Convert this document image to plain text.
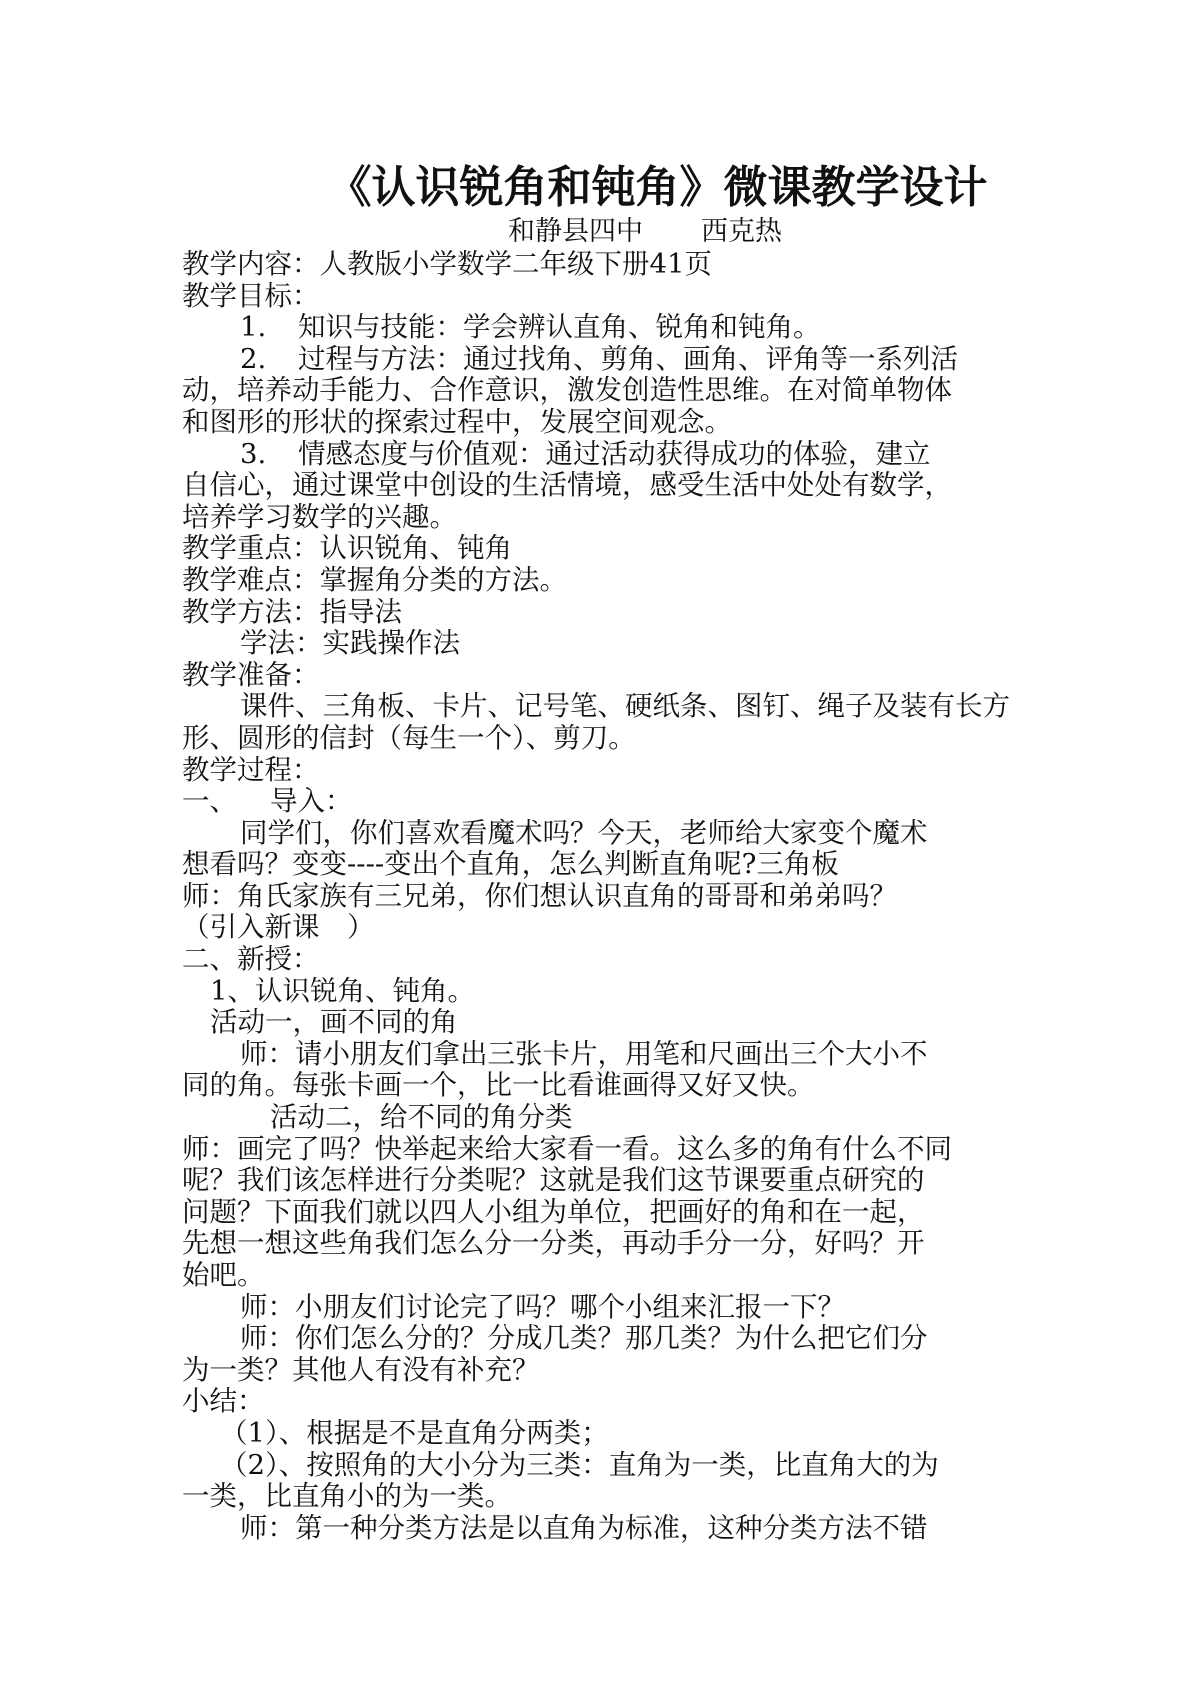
《认识锐角和钝角》微课教学设计
和静县四中 西克热

教学内容：人教版小学数学二年级下册41页

教学目标：

1. 知识与技能：学会辨认直角、锐角和钝角。

2. 过程与方法：通过找角、剪角、画角、评角等一系列活

动，培养动手能力、合作意识，激发创造性思维。在对简单物体

和图形的形状的探索过程中，发展空间观念。

3. 情感态度与价值观：通过活动获得成功的体验，建立

自信心，通过课堂中创设的生活情境，感受生活中处处有数学，

培养学习数学的兴趣。

教学重点：认识锐角、钝角

教学难点：掌握角分类的方法。

教学方法：指导法

学法：实践操作法

教学准备：

课件、三角板、卡片、记号笔、硬纸条、图钉、绳子及装有长方

形、圆形的信封（每生一个）、剪刀。

教学过程：

一、 导入：

同学们，你们喜欢看魔术吗？今天，老师给大家变个魔术

想看吗？变变----变出个直角，怎么判断直角呢?三角板

师：角氏家族有三兄弟，你们想认识直角的哥哥和弟弟吗？

（引入新课　）

二、新授：

1、认识锐角、钝角。

活动一，画不同的角

师：请小朋友们拿出三张卡片，用笔和尺画出三个大小不

同的角。每张卡画一个，比一比看谁画得又好又快。

活动二，给不同的角分类

师：画完了吗？快举起来给大家看一看。这么多的角有什么不同

呢？我们该怎样进行分类呢？这就是我们这节课要重点研究的

问题？下面我们就以四人小组为单位，把画好的角和在一起，

先想一想这些角我们怎么分一分类，再动手分一分，好吗？开

始吧。

师：小朋友们讨论完了吗？哪个小组来汇报一下？

师：你们怎么分的？分成几类？那几类？为什么把它们分

为一类？其他人有没有补充？

小结：

（1）、根据是不是直角分两类；

（2）、按照角的大小分为三类：直角为一类，比直角大的为

一类，比直角小的为一类。

师：第一种分类方法是以直角为标准，这种分类方法不错
